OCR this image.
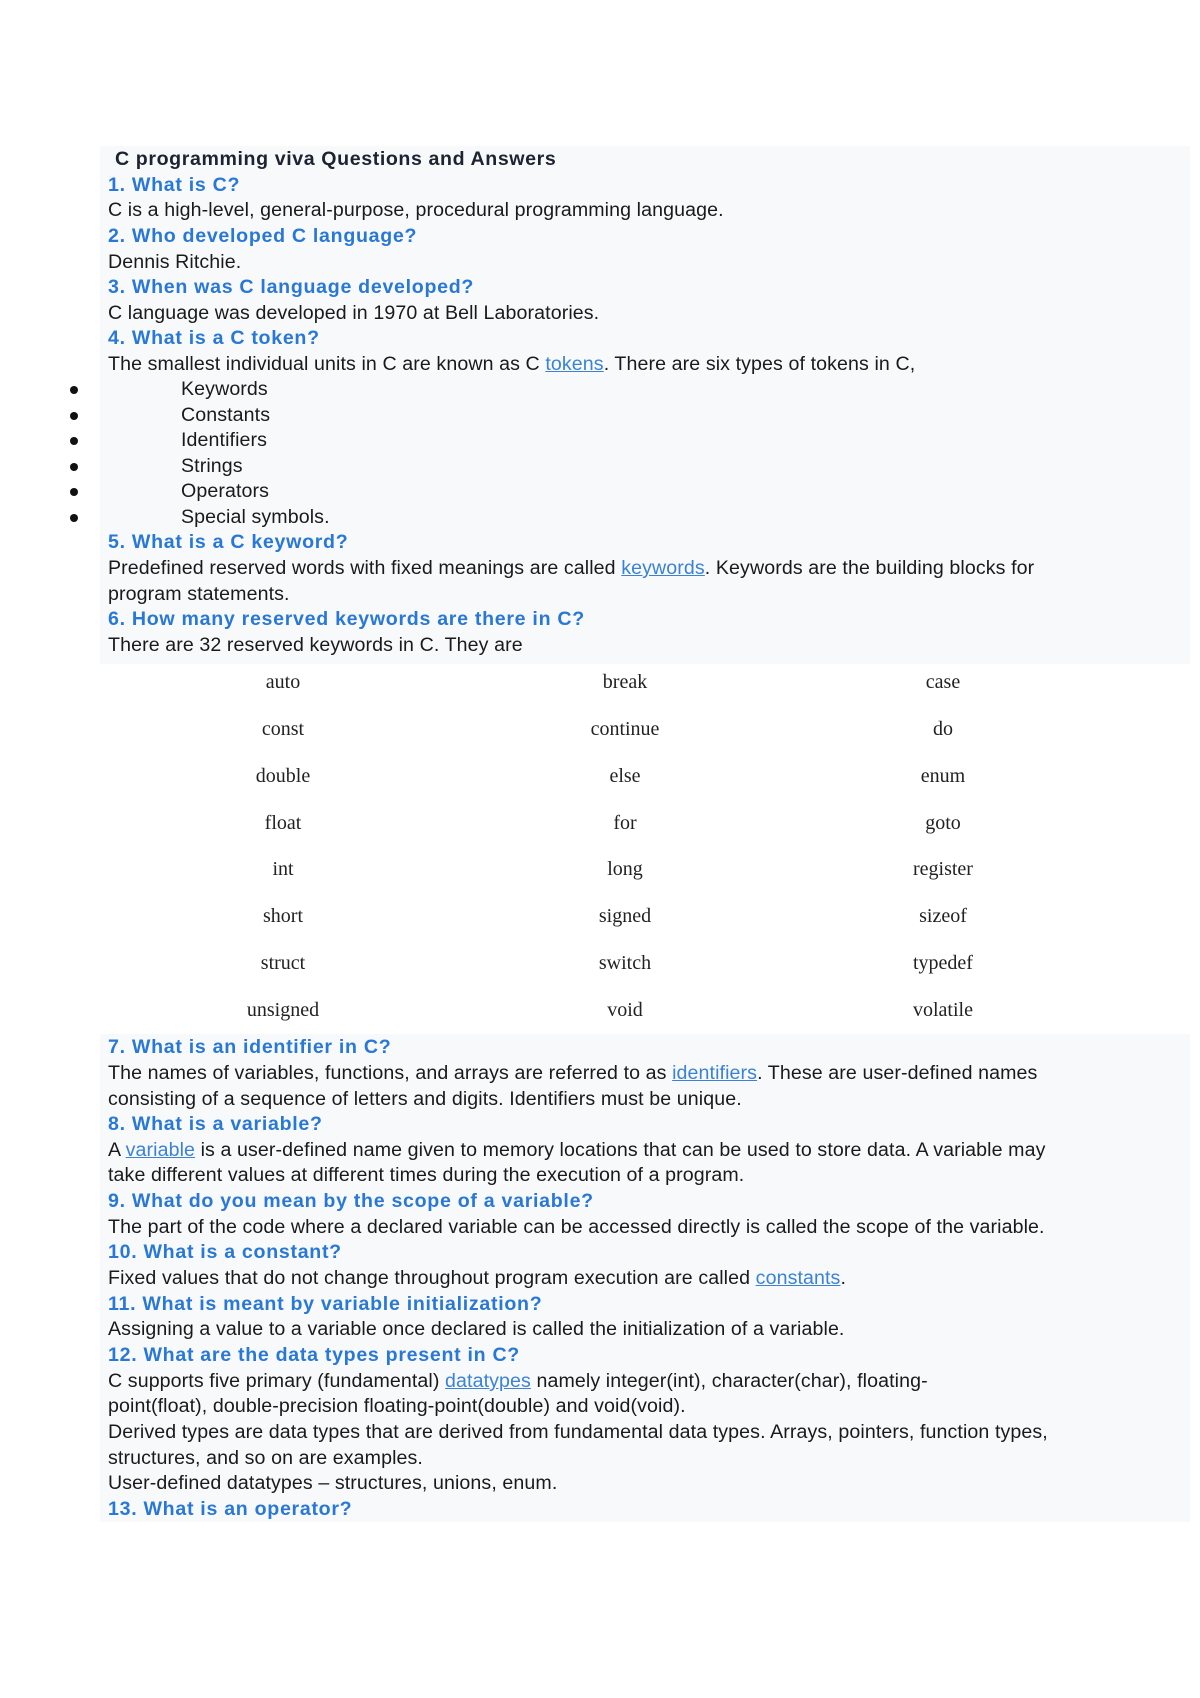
C programming viva Questions and Answers
1. What is C?
C is a high-level, general-purpose, procedural programming language.
2. Who developed C language?
Dennis Ritchie.
3. When was C language developed?
C language was developed in 1970 at Bell Laboratories.
4. What is a C token?
The smallest individual units in C are known as C tokens. There are six types of tokens in C,
Keywords
Constants
Identifiers
Strings
Operators
Special symbols.
5. What is a C keyword?
Predefined reserved words with fixed meanings are called keywords. Keywords are the building blocks for
program statements.
6. How many reserved keywords are there in C?
There are 32 reserved keywords in C. They are
auto	break	case
const	continue	do
double	else	enum
float	for	goto
int	long	register
short	signed	sizeof
struct	switch	typedef
unsigned	void	volatile
7. What is an identifier in C?
The names of variables, functions, and arrays are referred to as identifiers. These are user-defined names
consisting of a sequence of letters and digits. Identifiers must be unique.
8. What is a variable?
A variable is a user-defined name given to memory locations that can be used to store data. A variable may
take different values at different times during the execution of a program.
9. What do you mean by the scope of a variable?
The part of the code where a declared variable can be accessed directly is called the scope of the variable.
10. What is a constant?
Fixed values that do not change throughout program execution are called constants.
11. What is meant by variable initialization?
Assigning a value to a variable once declared is called the initialization of a variable.
12. What are the data types present in C?
C supports five primary (fundamental) datatypes namely integer(int), character(char), floating-
point(float), double-precision floating-point(double) and void(void).
Derived types are data types that are derived from fundamental data types. Arrays, pointers, function types,
structures, and so on are examples.
User-defined datatypes – structures, unions, enum.
13. What is an operator?
